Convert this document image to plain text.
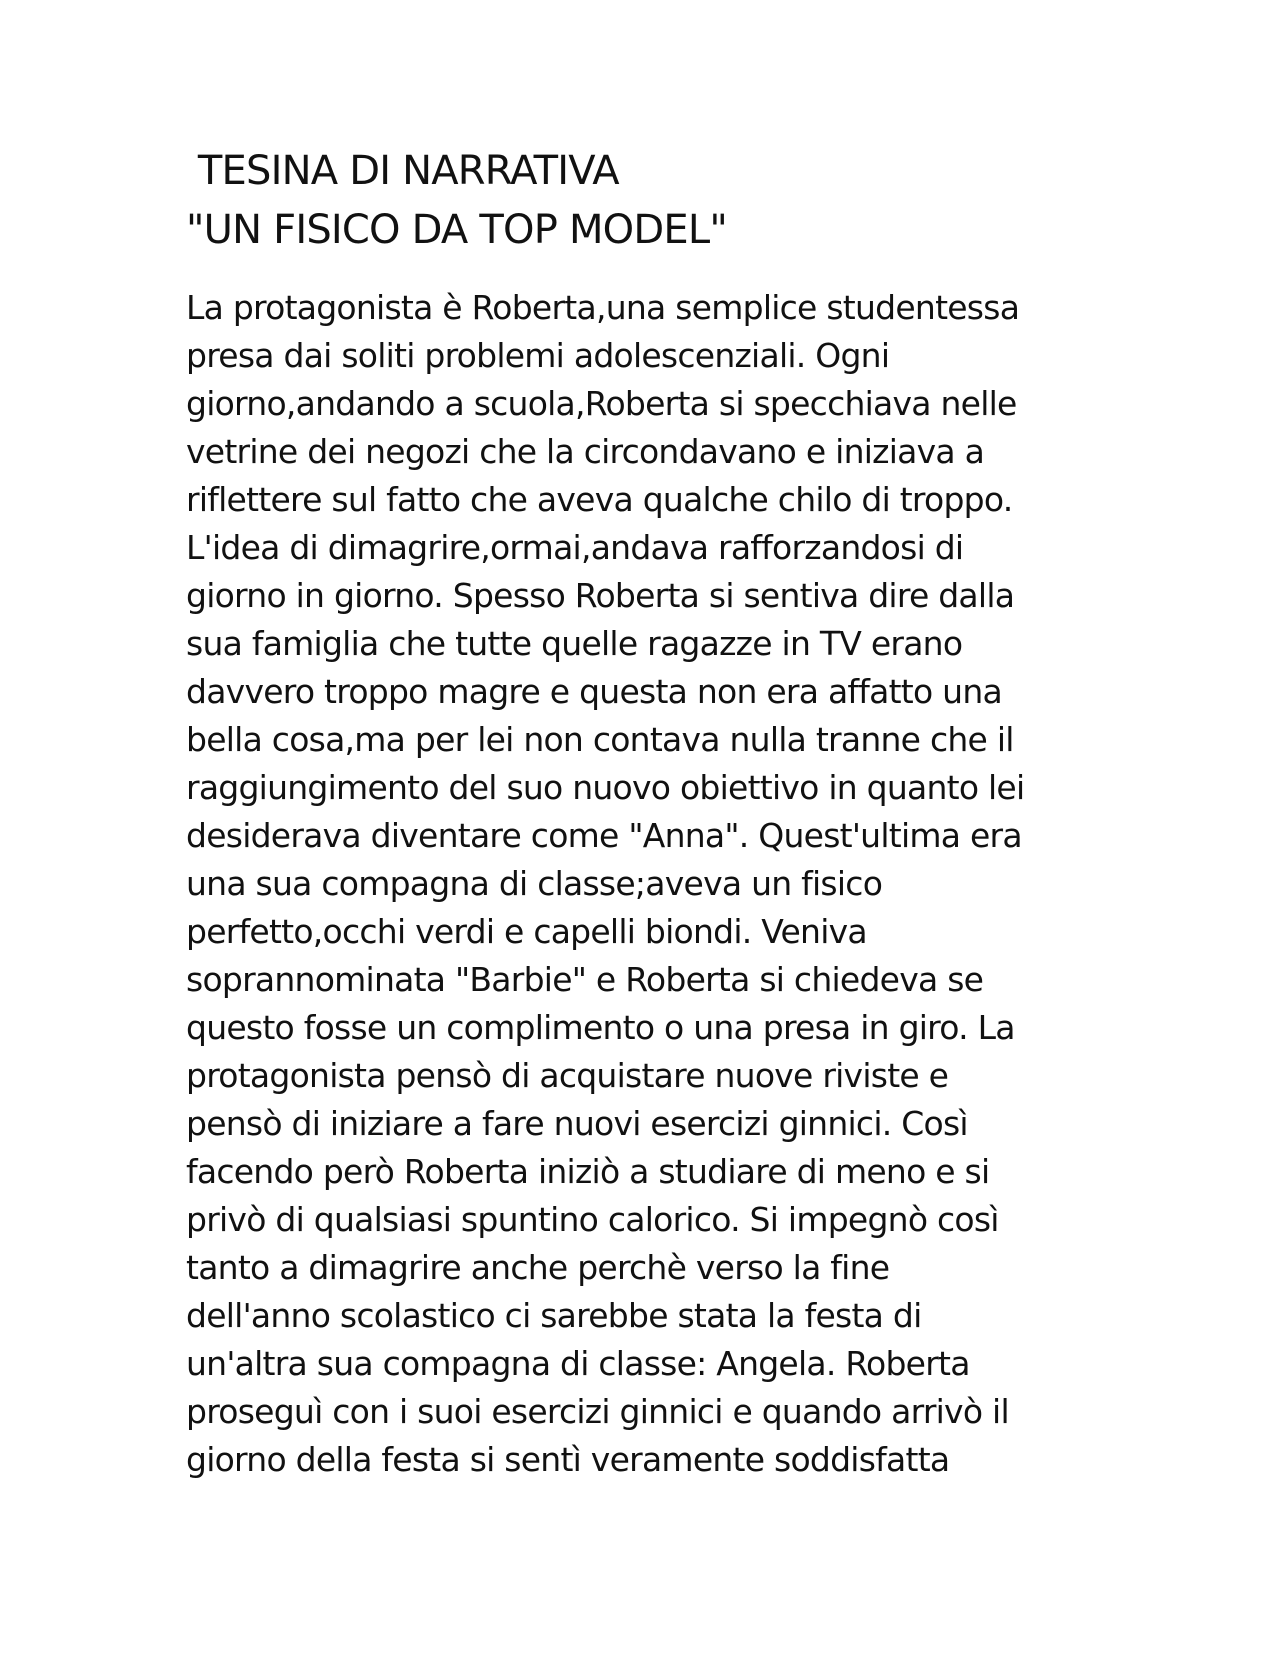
TESINA DI NARRATIVA
"UN FISICO DA TOP MODEL"
La protagonista è Roberta,una semplice studentessa
presa dai soliti problemi adolescenziali. Ogni
giorno,andando a scuola,Roberta si specchiava nelle
vetrine dei negozi che la circondavano e iniziava a
riflettere sul fatto che aveva qualche chilo di troppo.
L'idea di dimagrire,ormai,andava rafforzandosi di
giorno in giorno. Spesso Roberta si sentiva dire dalla
sua famiglia che tutte quelle ragazze in TV erano
davvero troppo magre e questa non era affatto una
bella cosa,ma per lei non contava nulla tranne che il
raggiungimento del suo nuovo obiettivo in quanto lei
desiderava diventare come "Anna". Quest'ultima era
una sua compagna di classe;aveva un fisico
perfetto,occhi verdi e capelli biondi. Veniva
soprannominata "Barbie" e Roberta si chiedeva se
questo fosse un complimento o una presa in giro. La
protagonista pensò di acquistare nuove riviste e
pensò di iniziare a fare nuovi esercizi ginnici. Così
facendo però Roberta iniziò a studiare di meno e si
privò di qualsiasi spuntino calorico. Si impegnò così
tanto a dimagrire anche perchè verso la fine
dell'anno scolastico ci sarebbe stata la festa di
un'altra sua compagna di classe: Angela. Roberta
proseguì con i suoi esercizi ginnici e quando arrivò il
giorno della festa si sentì veramente soddisfatta
